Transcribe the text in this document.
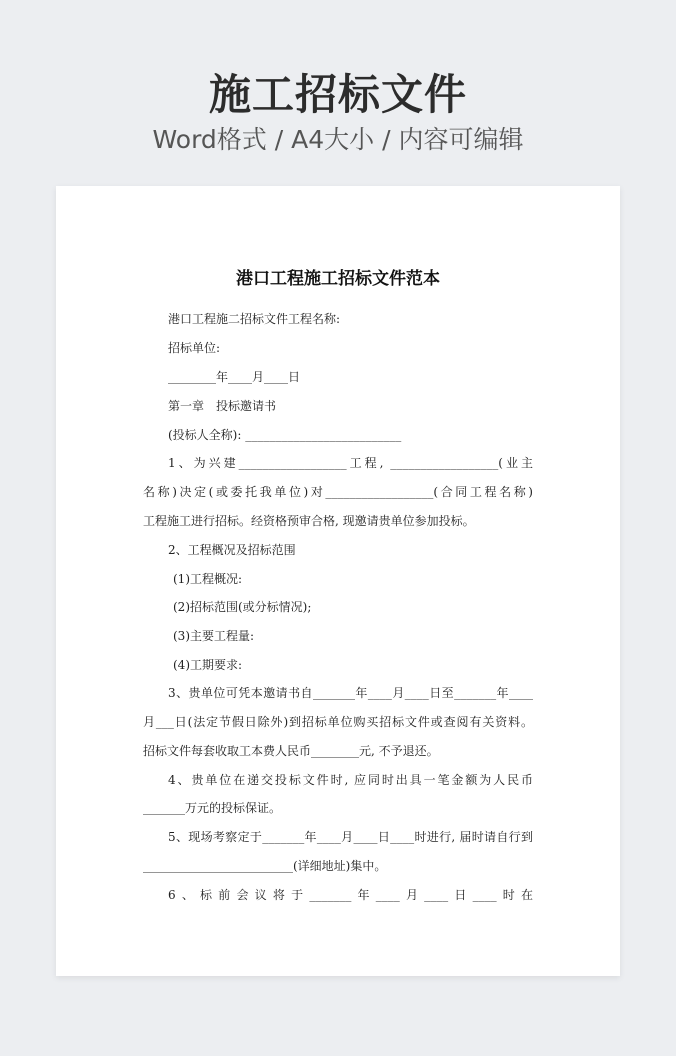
施工招标文件
Word格式 / A4大小 / 内容可编辑
港口工程施工招标文件范本
港口工程施二招标文件工程名称:
招标单位:
________年____月____日
第一章　投标邀请书
(投标人全称): __________________________
1、为兴建__________________工程, __________________(业主
名称)决定(或委托我单位)对__________________(合同工程名称)
工程施工进行招标。经资格预审合格, 现邀请贵单位参加投标。
2、工程概况及招标范围
(1)工程概况:
(2)招标范围(或分标情况);
(3)主要工程量:
(4)工期要求:
3、贵单位可凭本邀请书自_______年____月____日至_______年____
月___日(法定节假日除外)到招标单位购买招标文件或查阅有关资料。
招标文件每套收取工本费人民币________元, 不予退还。
4、贵单位在递交投标文件时, 应同时出具一笔金额为人民币
_______万元的投标保证。
5、现场考察定于_______年____月____日____时进行, 届时请自行到
_________________________(详细地址)集中。
6、标前会议将于_______年____月____日____时在
